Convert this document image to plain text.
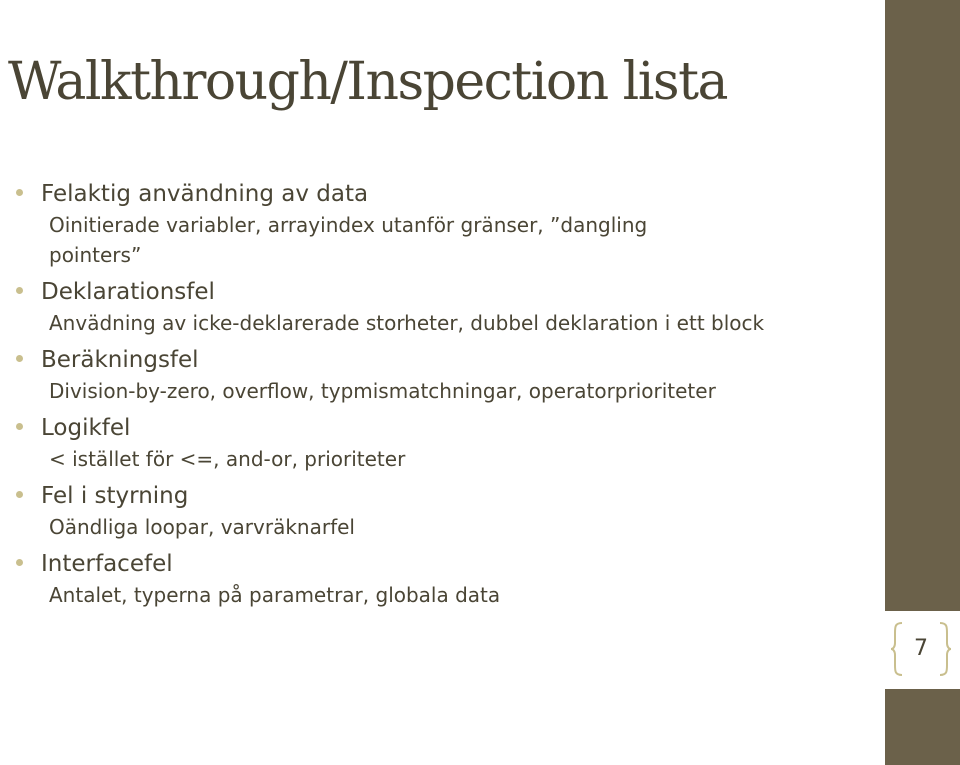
Walkthrough/Inspection lista
Felaktig användning av data
Oinitierade variabler, arrayindex utanför gränser, ”dangling pointers”
Deklarationsfel
Anvädning av icke-deklarerade storheter, dubbel deklaration i ett block
Beräkningsfel
Division-by-zero, overflow, typmismatchningar, operatorprioriteter
Logikfel
< istället för <=, and-or, prioriteter
Fel i styrning
Oändliga loopar, varvräknarfel
Interfacefel
Antalet, typerna på parametrar, globala data
7
